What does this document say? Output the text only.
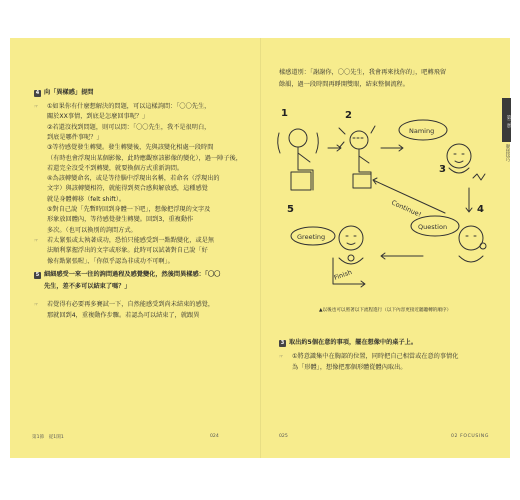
4 向「異樣感」提問
☞ ①如果你有什麼想解決的問題，可以這樣詢問：「〇〇先生，
關於XX事情，到底是怎麼回事呢？」
②若還沒找到問題，則可以問：「〇〇先生，我不是很明白，
到底是哪件事呢？」
③等待感覺發生轉變。發生轉變後，先與該變化相處一段時間
（有時也會浮現出某個影像，此時應觀察該影像的變化），過一陣子後，
若還完全沒受不到轉變，就要換個方式重新詢問。
④為該轉變命名，或是等待腦中浮現出名稱，若命名（浮現出的
文字）與該轉變相符，就能得到契合感與解放感，這種感覺
就是身體轉移（felt shift）。
⑤對自己說「先暫時回到身體一下吧」，想像把浮現的文字及
形象放回體內，等待感覺發生轉變。回到3，重複動作
多次。（也可以換別的詢問方式。
☞ 若太緊張或太執著成功，恐怕只能感受到一點點變化，或是無
法順利掌握浮出的文字或形象。此時可以試著對自己說「好
像有點緊張喔」、「你似乎認為非成功不可啊」。
5 細細感受一來一往的詢問過程及感覺變化，然後問異樣感：「〇〇
先生，差不多可以結束了嗎？」
☞ 若覺得有必要再多賽試一下，自然能感受到尚未結束的感覺，
那就回到4，重複動作步驟。若認為可以結束了，就跟異
第1節　從1開1	024
樣感道別：「謝謝你，〇〇先生，我會再來找你的」，吧轉飛留
餘韻，過一段時間再睜開雙眼，結束整個流程。
1	2
3
4
5
Naming
Continue!
Question
Greeting
Finish
▲以後也可以照著以下流程進行（以下內容更接近聽聽轉的順序）
3 取出約5個在意的事項，擺在想像中的桌子上。
☞ ①將意識集中在胸部的位置，同時把自己相當或在意的事情化
為「形體」，想像把那個形體從體內取出。
025	02 FOCUSING
第二章
聚焦技巧
